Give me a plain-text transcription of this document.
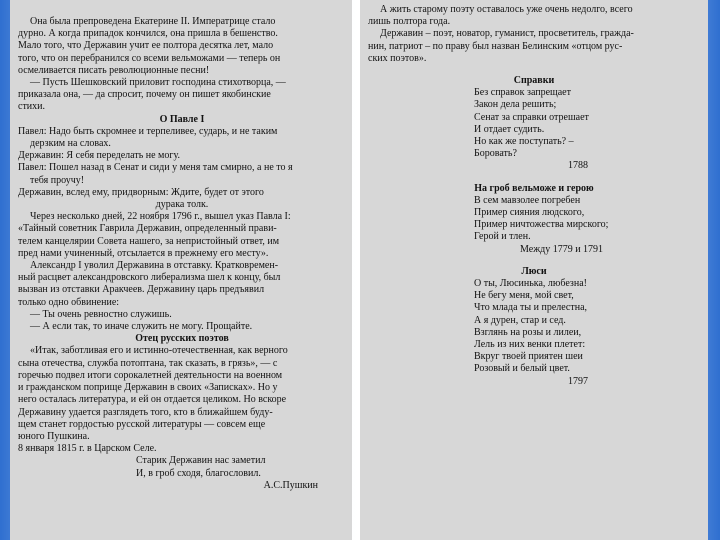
Она была препроведена Екатерине II. Императрице стало
дурно. А когда припадок кончился, она пришла в бешенство.
Мало того, что Державин учит ее полтора десятка лет, мало
того, что он перебранился со всеми вельможами — теперь он
осмеливается писать революционные песни!
— Пусть Шешковский приловит господина стихотворца, —
приказала она, — да спросит, почему он пишет якобинские
стихи.
О Павле I
Павел: Надо быть скромнее и терпеливее, сударь, и не таким
дерзким на словах.
Державин: Я себя переделать не могу.
Павел: Пошел назад в Сенат и сиди у меня там смирно, а не то я
тебя проучу!
Державин, вслед ему, придворным: Ждите, будет от этого
дурака толк.
Через несколько дней, 22 ноября 1796 г., вышел указ Павла I:
«Тайный советник Гаврила Державин, определенный прави-
телем канцелярии Совета нашего, за непристойный ответ, им
пред нами учиненный, отсылается в прежнему его месту».
Александр I уволил Державина в отставку. Кратковремен-
ный расцвет александровского либерализма шел к концу, был
вызван из отставки Аракчеев. Державину царь предъявил
только одно обвинение:
— Ты очень ревностно служишь.
— А если так, то иначе служить не могу. Прощайте.
Отец русских поэтов
«Итак, заботливая его и истинно-отечественная, как верного
сына отечества, служба потоптана, так сказать, в грязь», — с
горечью подвел итоги сорокалетней деятельности на военном
и гражданском поприще Державин в своих «Записках». Но у
него осталась литература, и ей он отдается целиком. Но вскоре
Державину удается разглядеть того, кто в ближайшем буду-
щем станет гордостью русской литературы — совсем еще
юного Пушкина.
8 января 1815 г. в Царском Селе.
Старик Державин нас заметил
И, в гроб сходя, благословил.
А.С.Пушкин
А жить старому поэту оставалось уже очень недолго, всего
лишь полтора года.
Державин – поэт, новатор, гуманист, просветитель, гражда-
нин, патриот – по праву был назван Белинским «отцом рус-
ских поэтов».
Справки
Без справок запрещает
Закон дела решить;
Сенат за справки отрешает
И отдает судить.
Но как же поступать? –
Боровать?
1788
На гроб вельможе и герою
В сем мавзолее погребен
Пример сияния людского,
Пример ничтожества мирского;
Герой и тлен.
Между 1779 и 1791
Люси
О ты, Люсинька, любезна!
Не бегу меня, мой свет,
Что млада ты и прелестна,
А я дурен, стар и сед.
Взглянь на розы и лилеи,
Лель из них венки плетет:
Вкруг твоей приятен шеи
Розовый и белый цвет.
1797
